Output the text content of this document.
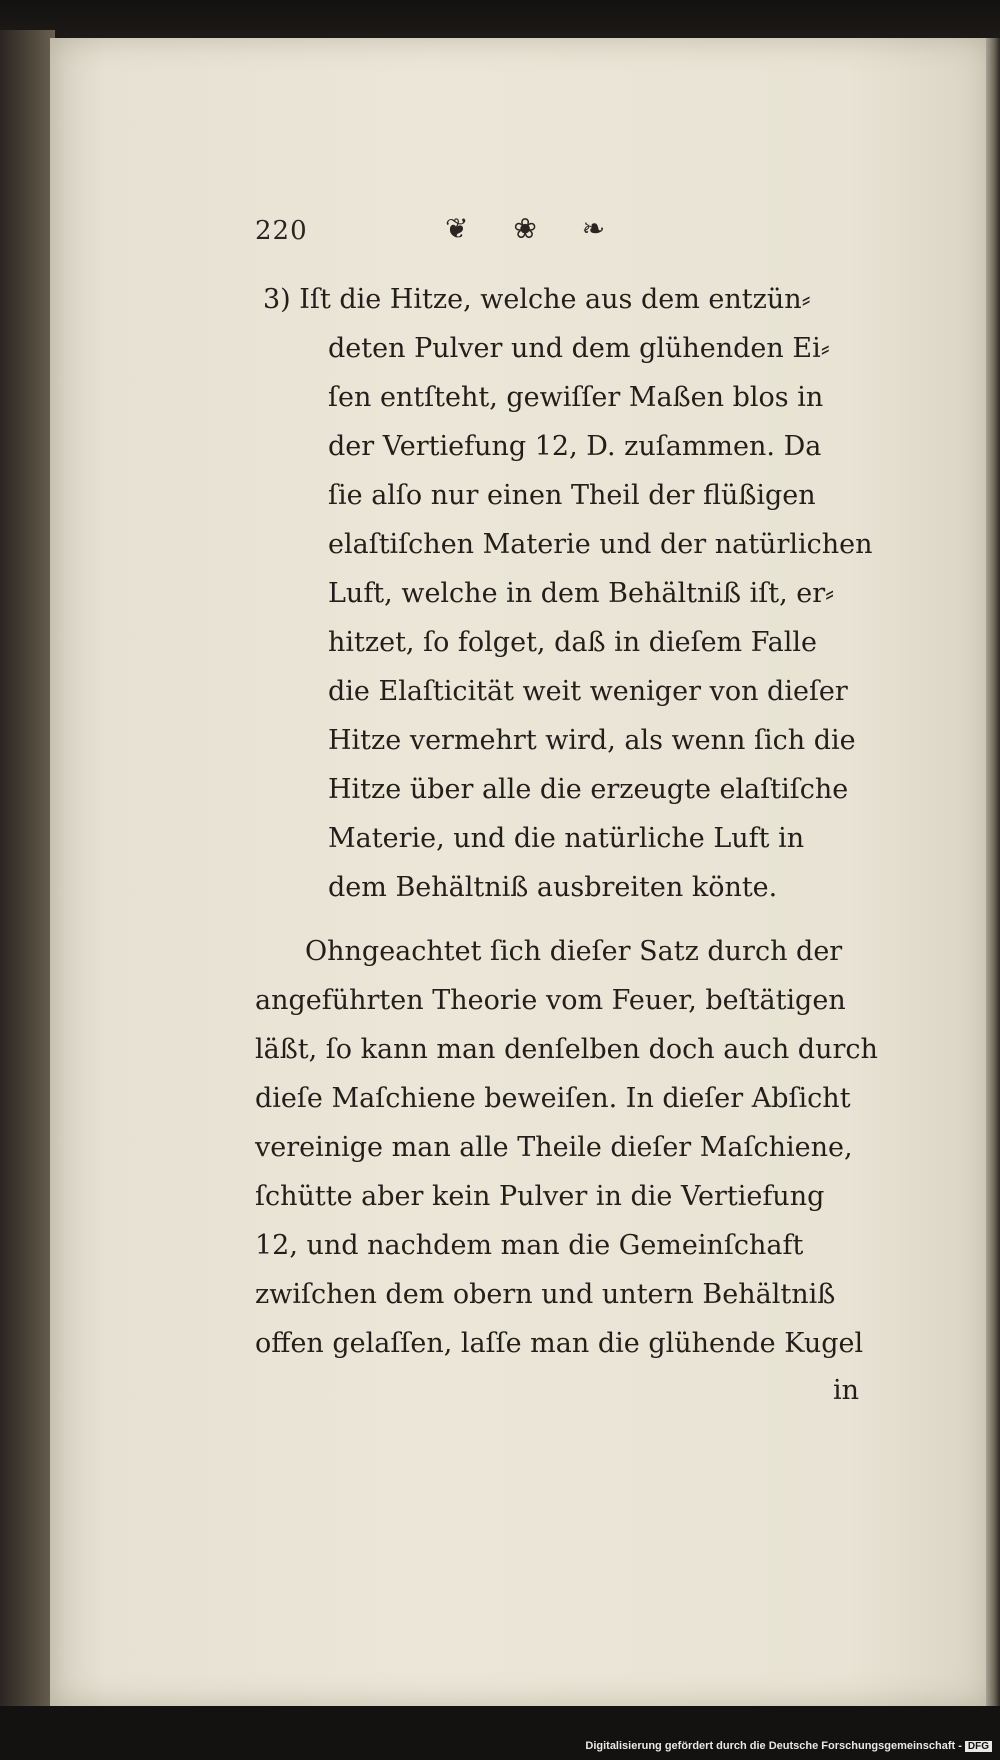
220	❦ ❀ ❧
3) Iſt die Hitze, welche aus dem entzün⸗
deten Pulver und dem glühenden Ei⸗
ſen entſteht, gewiſſer Maßen blos in
der Vertiefung 12, D. zuſammen. Da
ſie alſo nur einen Theil der flüßigen
elaſtiſchen Materie und der natürlichen
Luft, welche in dem Behältniß iſt, er⸗
hitzet, ſo folget, daß in dieſem Falle
die Elaſticität weit weniger von dieſer
Hitze vermehrt wird, als wenn ſich die
Hitze über alle die erzeugte elaſtiſche
Materie, und die natürliche Luft in
dem Behältniß ausbreiten könte.
Ohngeachtet ſich dieſer Satz durch der
angeführten Theorie vom Feuer, beſtätigen
läßt, ſo kann man denſelben doch auch durch
dieſe Maſchiene beweiſen. In dieſer Abſicht
vereinige man alle Theile dieſer Maſchiene,
ſchütte aber kein Pulver in die Vertiefung
12, und nachdem man die Gemeinſchaft
zwiſchen dem obern und untern Behältniß
offen gelaſſen, laſſe man die glühende Kugel
in
Digitalisierung gefördert durch die Deutsche Forschungsgemeinschaft - DFG
